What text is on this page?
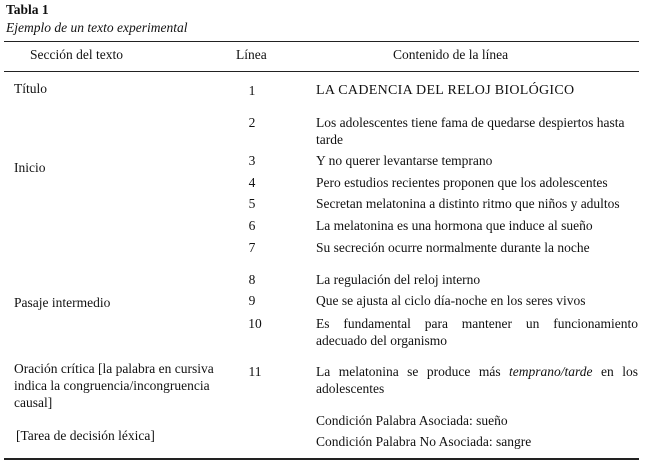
Tabla 1
Ejemplo de un texto experimental
Sección del texto	Línea	Contenido de la línea
Título
Inicio
Pasaje intermedio
Oración crítica [la palabra en cursiva indica la congruencia/incongruencia causal]
[Tarea de decisión léxica]
1
2
3
4
5
6
7
8
9
10
11
LA CADENCIA DEL RELOJ BIOLÓGICO
Los adolescentes tiene fama de quedarse despiertos hasta tarde
Y no querer levantarse temprano
Pero estudios recientes proponen que los adolescentes
Secretan melatonina a distinto ritmo que niños y adultos
La melatonina es una hormona que induce al sueño
Su secreción ocurre normalmente durante la noche
La regulación del reloj interno
Que se ajusta al ciclo día-noche en los seres vivos
Es fundamental para mantener un funcionamiento adecuado del organismo
La melatonina se produce más temprano/tarde en los adolescentes
Condición Palabra Asociada: sueño
Condición Palabra No Asociada: sangre
